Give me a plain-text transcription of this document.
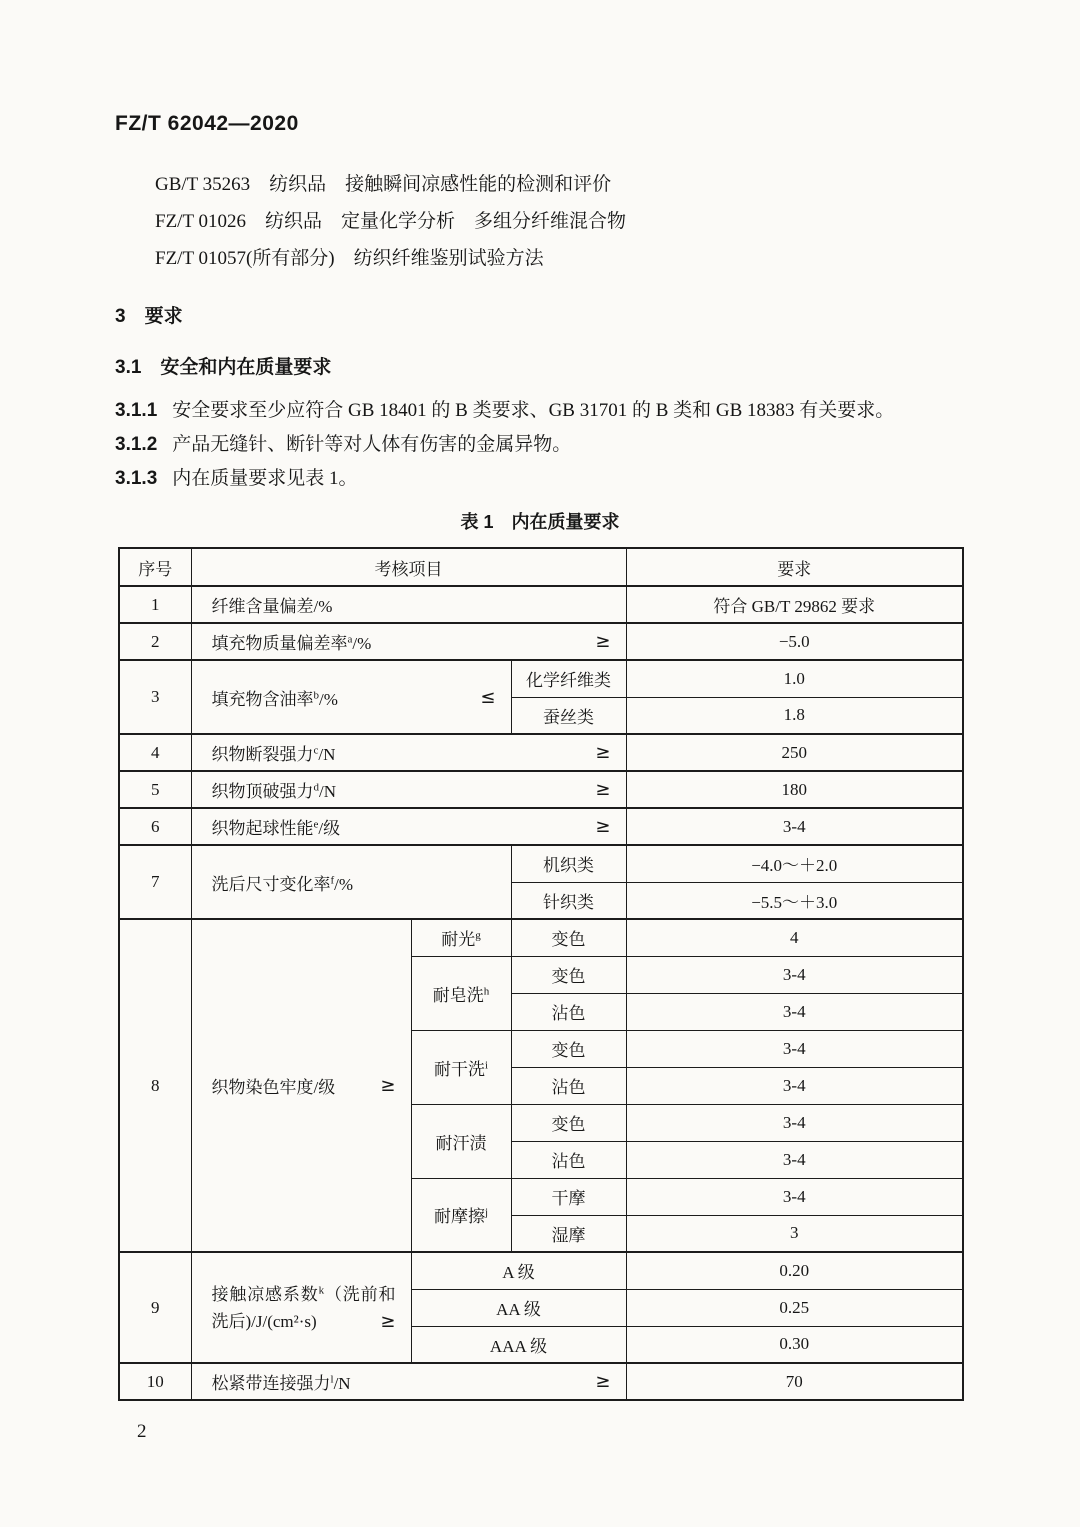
FZ/T 62042—2020
GB/T 35263　纺织品　接触瞬间凉感性能的检测和评价
FZ/T 01026　纺织品　定量化学分析　多组分纤维混合物
FZ/T 01057(所有部分)　纺织纤维鉴别试验方法
3　要求
3.1　安全和内在质量要求
3.1.1 安全要求至少应符合 GB 18401 的 B 类要求、GB 31701 的 B 类和 GB 18383 有关要求。
3.1.2 产品无缝针、断针等对人体有伤害的金属异物。
3.1.3 内在质量要求见表 1。
表 1　内在质量要求
序号	考核项目			要求
1	纤维含量偏差/%			符合 GB/T 29862 要求
2	填充物质量偏差率$^a$/% ≥			−5.0
3	填充物含油率$^b$/% ≤		化学纤维类	1.0
			蚕丝类	1.8
4	织物断裂强力$^c$/N ≥			250
5	织物顶破强力$^d$/N ≥			180
6	织物起球性能$^e$/级 ≥			3-4
7	洗后尺寸变化率$^f$/%		机织类	−4.0～＋2.0
			针织类	−5.5～＋3.0
8	织物染色牢度/级 ≥	耐光$^g$	变色	4
		耐皂洗$^h$	变色	3-4
			沾色	3-4
		耐干洗$^i$	变色	3-4
			沾色	3-4
		耐汗渍	变色	3-4
			沾色	3-4
		耐摩擦$^j$	干摩	3-4
			湿摩	3
9	接触凉感系数$^k$（洗前和洗后)/J/(cm²·s) ≥	A 级		0.20
		AA 级		0.25
		AAA 级		0.30
10	松紧带连接强力$^l$/N ≥			70
2
